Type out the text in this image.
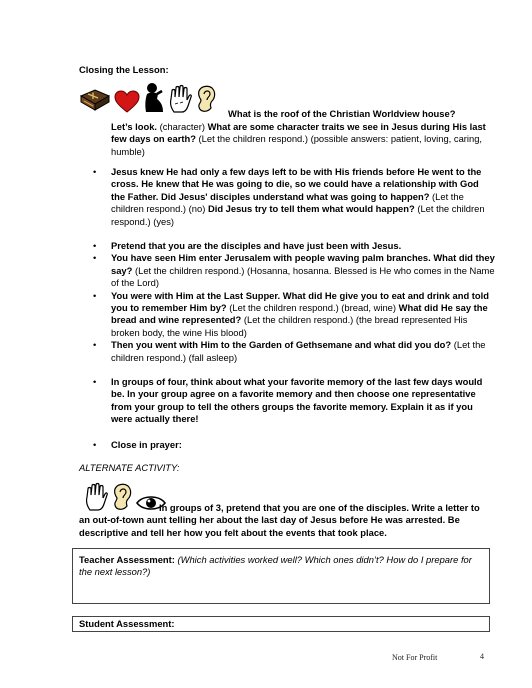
Closing the Lesson:
What is the roof of the Christian Worldview house?
Let’s look. (character) What are some character traits we see in Jesus during His last few days on earth? (Let the children respond.) (possible answers: patient, loving, caring, humble)
• Jesus knew He had only a few days left to be with His friends before He went to the cross. He knew that He was going to die, so we could have a relationship with God the Father. Did Jesus' disciples understand what was going to happen? (Let the children respond.) (no) Did Jesus try to tell them what would happen? (Let the children respond.) (yes)
• Pretend that you are the disciples and have just been with Jesus.
• You have seen Him enter Jerusalem with people waving palm branches. What did they say? (Let the children respond.) (Hosanna, hosanna. Blessed is He who comes in the Name of the Lord)
• You were with Him at the Last Supper. What did He give you to eat and drink and told you to remember Him by? (Let the children respond.) (bread, wine) What did He say the bread and wine represented? (Let the children respond.) (the bread represented His broken body, the wine His blood)
• Then you went with Him to the Garden of Gethsemane and what did you do? (Let the children respond.) (fall asleep)
• In groups of four, think about what your favorite memory of the last few days would be. In your group agree on a favorite memory and then choose one representative from your group to tell the others groups the favorite memory. Explain it as if you were actually there!
• Close in prayer:
ALTERNATE ACTIVITY:
In groups of 3, pretend that you are one of the disciples. Write a letter to an out-of-town aunt telling her about the last day of Jesus before He was arrested. Be descriptive and tell her how you felt about the events that took place.
Teacher Assessment: (Which activities worked well? Which ones didn’t? How do I prepare for the next lesson?)
Student Assessment:
Not For Profit	4
